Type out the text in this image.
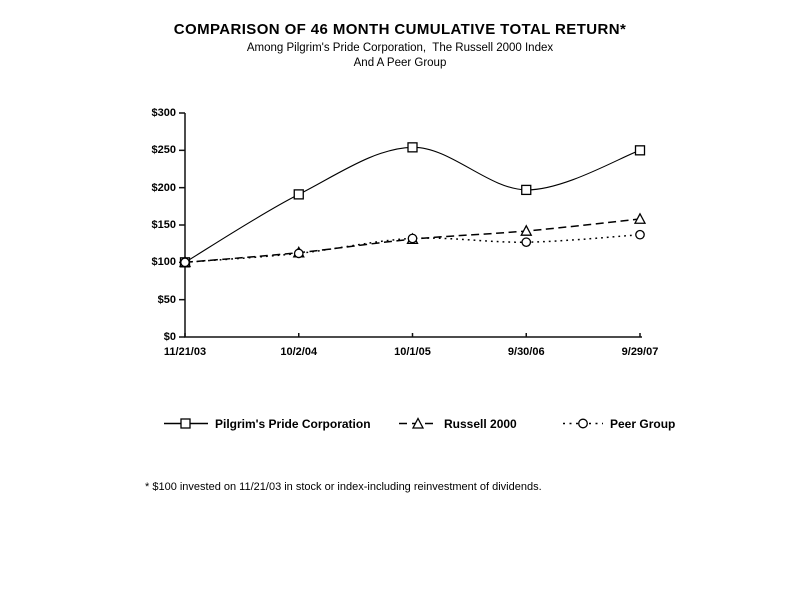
COMPARISON OF 46 MONTH CUMULATIVE TOTAL RETURN*
Among Pilgrim's Pride Corporation,  The Russell 2000 Index
And A Peer Group
$0
$50
$100
$150
$200
$250
$300
11/21/03	10/2/04	10/1/05	9/30/06	9/29/07
Pilgrim's Pride Corporation	Russell 2000	Peer Group
* $100 invested on 11/21/03 in stock or index-including reinvestment of dividends.
